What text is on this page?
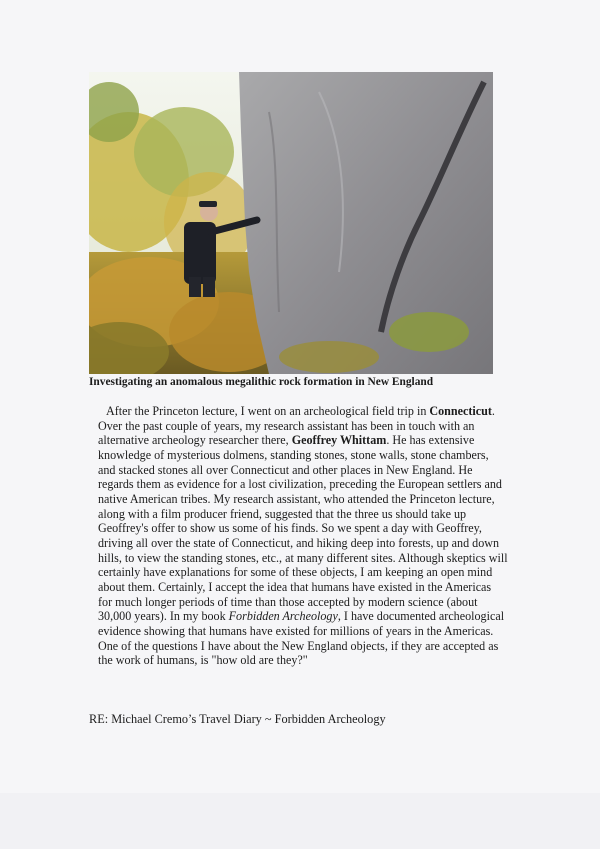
Investigating an anomalous megalithic rock formation in New England

After the Princeton lecture, I went on an archeological field trip in Connecticut. Over the past couple of years, my research assistant has been in touch with an alternative archeology researcher there, Geoffrey Whittam. He has extensive knowledge of mysterious dolmens, standing stones, stone walls, stone chambers, and stacked stones all over Connecticut and other places in New England. He regards them as evidence for a lost civilization, preceding the European settlers and native American tribes. My research assistant, who attended the Princeton lecture, along with a film producer friend, suggested that the three us should take up Geoffrey's offer to show us some of his finds. So we spent a day with Geoffrey, driving all over the state of Connecticut, and hiking deep into forests, up and down hills, to view the standing stones, etc., at many different sites. Although skeptics will certainly have explanations for some of these objects, I am keeping an open mind about them. Certainly, I accept the idea that humans have existed in the Americas for much longer periods of time than those accepted by modern science (about 30,000 years). In my book Forbidden Archeology, I have documented archeological evidence showing that humans have existed for millions of years in the Americas. One of the questions I have about the New England objects, if they are accepted as the work of humans, is "how old are they?"

RE: Michael Cremo’s Travel Diary ~ Forbidden Archeology
